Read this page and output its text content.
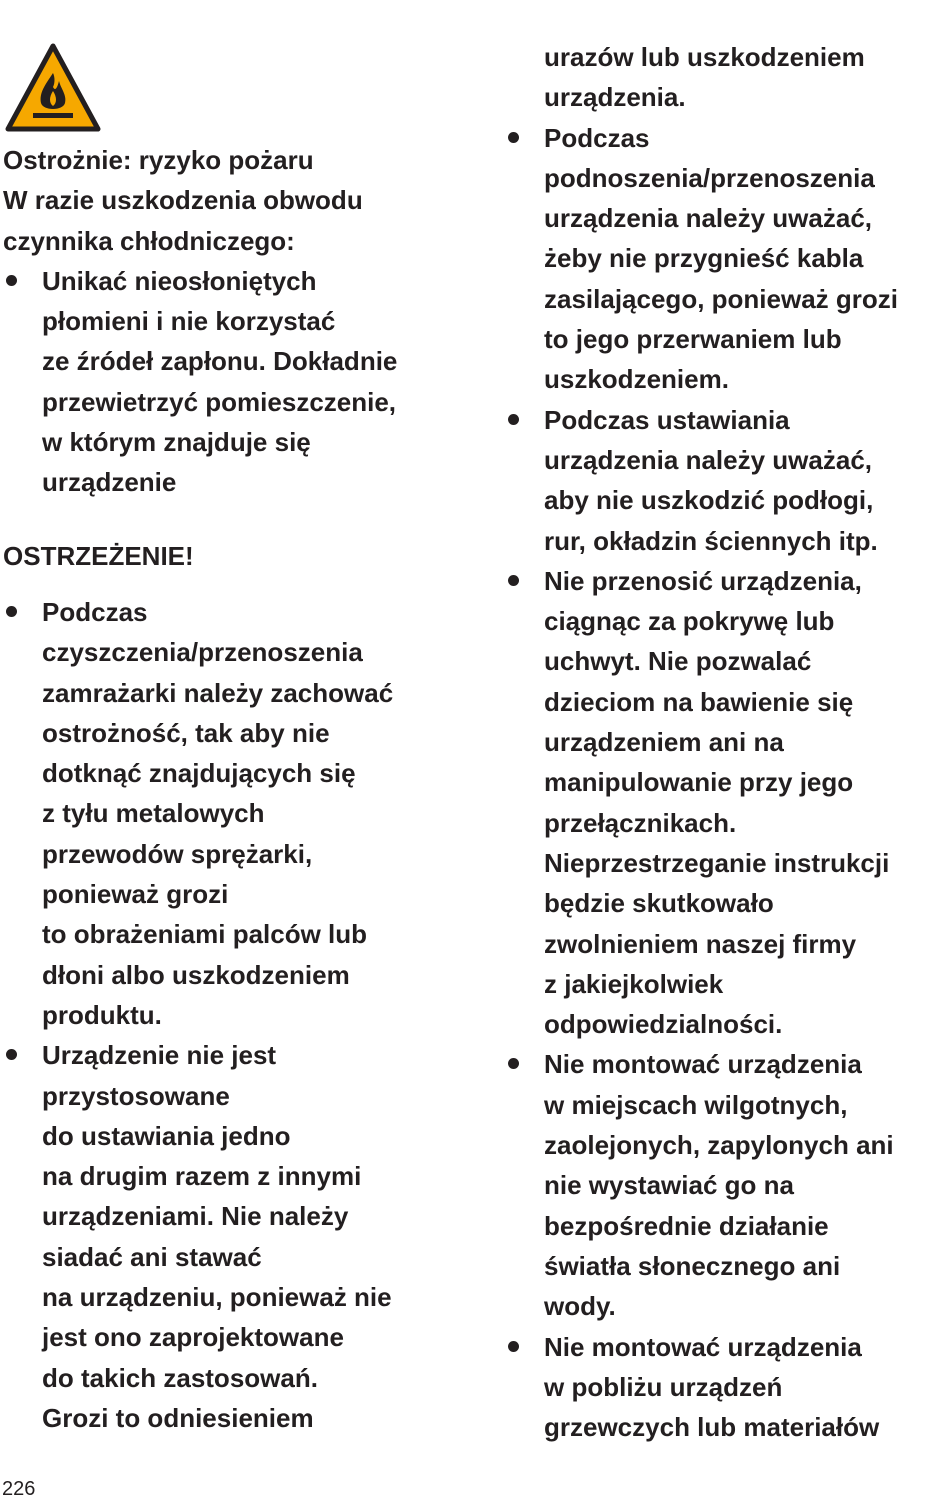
Ostrożnie: ryzyko pożaru

W razie uszkodzenia obwodu

czynnika chłodniczego:

Unikać nieosłoniętych
płomieni i nie korzystać
ze źródeł zapłonu. Dokładnie
przewietrzyć pomieszczenie,
w którym znajduje się
urządzenie

OSTRZEŻENIE!

Podczas
czyszczenia/przenoszenia
zamrażarki należy zachować
ostrożność, tak aby nie
dotknąć znajdujących się
z tyłu metalowych
przewodów sprężarki,
ponieważ grozi
to obrażeniami palców lub
dłoni albo uszkodzeniem
produktu.
Urządzenie nie jest
przystosowane
do ustawiania jedno
na drugim razem z innymi
urządzeniami. Nie należy
siadać ani stawać
na urządzeniu, ponieważ nie
jest ono zaprojektowane
do takich zastosowań.
Grozi to odniesieniem

urazów lub uszkodzeniem

urządzenia.

Podczas
podnoszenia/przenoszenia
urządzenia należy uważać,
żeby nie przygnieść kabla
zasilającego, ponieważ grozi
to jego przerwaniem lub
uszkodzeniem.
Podczas ustawiania
urządzenia należy uważać,
aby nie uszkodzić podłogi,
rur, okładzin ściennych itp.
Nie przenosić urządzenia,
ciągnąc za pokrywę lub
uchwyt. Nie pozwalać
dzieciom na bawienie się
urządzeniem ani na
manipulowanie przy jego
przełącznikach.
Nieprzestrzeganie instrukcji
będzie skutkowało
zwolnieniem naszej firmy
z jakiejkolwiek
odpowiedzialności.
Nie montować urządzenia
w miejscach wilgotnych,
zaolejonych, zapylonych ani
nie wystawiać go na
bezpośrednie działanie
światła słonecznego ani
wody.
Nie montować urządzenia
w pobliżu urządzeń
grzewczych lub materiałów
226
